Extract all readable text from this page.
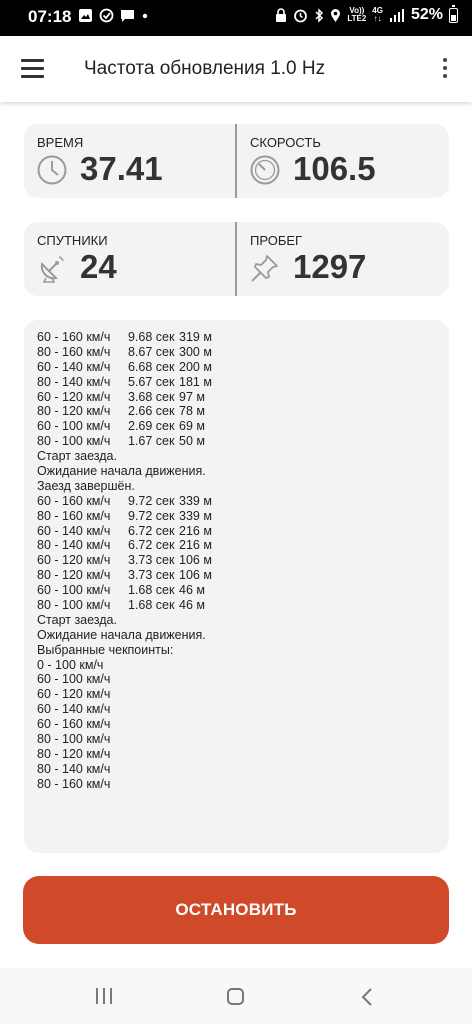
07:18	Vo))
LTE2
4G
↑↓ 52%
Частота обновления 1.0 Hz
ВРЕМЯ
37.41
СКОРОСТЬ
106.5
СПУТНИКИ
24
ПРОБЕГ
1297
60 - 160 км/ч 9.68 сек 319 м
80 - 160 км/ч 8.67 сек 300 м
60 - 140 км/ч 6.68 сек 200 м
80 - 140 км/ч 5.67 сек 181 м
60 - 120 км/ч 3.68 сек 97 м
80 - 120 км/ч 2.66 сек 78 м
60 - 100 км/ч 2.69 сек 69 м
80 - 100 км/ч 1.67 сек 50 м
Старт заезда.
Ожидание начала движения.
Заезд завершён.
60 - 160 км/ч 9.72 сек 339 м
80 - 160 км/ч 9.72 сек 339 м
60 - 140 км/ч 6.72 сек 216 м
80 - 140 км/ч 6.72 сек 216 м
60 - 120 км/ч 3.73 сек 106 м
80 - 120 км/ч 3.73 сек 106 м
60 - 100 км/ч 1.68 сек 46 м
80 - 100 км/ч 1.68 сек 46 м
Старт заезда.
Ожидание начала движения.
Выбранные чекпоинты:
0 - 100 км/ч
60 - 100 км/ч
60 - 120 км/ч
60 - 140 км/ч
60 - 160 км/ч
80 - 100 км/ч
80 - 120 км/ч
80 - 140 км/ч
80 - 160 км/ч
ОСТАНОВИТЬ
